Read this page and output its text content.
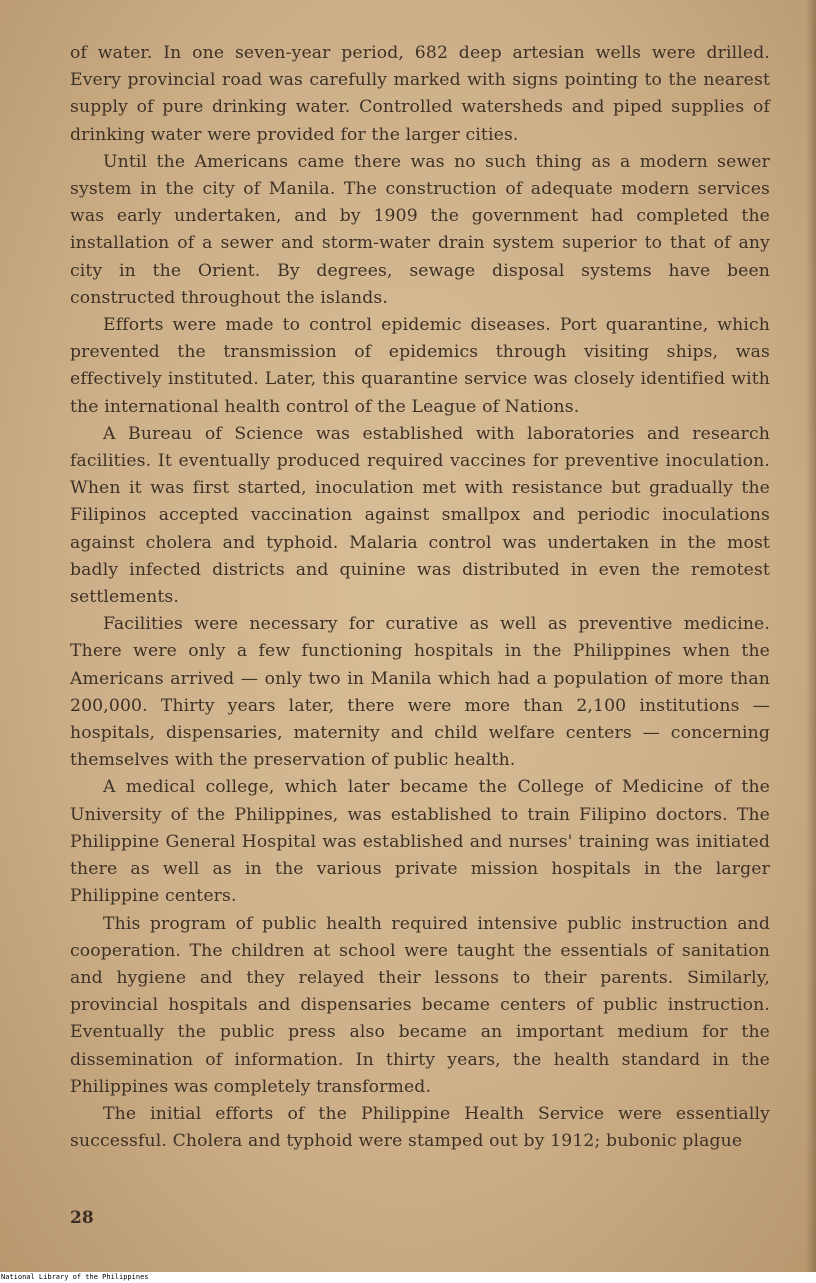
of water. In one seven-year period, 682 deep artesian wells were drilled. Every provincial road was carefully marked with signs pointing to the nearest supply of pure drinking water. Controlled watersheds and piped supplies of drinking water were provided for the larger cities.

Until the Americans came there was no such thing as a modern sewer system in the city of Manila. The construction of adequate modern services was early undertaken, and by 1909 the government had completed the installation of a sewer and storm-water drain system superior to that of any city in the Orient. By degrees, sewage disposal systems have been constructed throughout the islands.

Efforts were made to control epidemic diseases. Port quarantine, which prevented the transmission of epidemics through visiting ships, was effectively instituted. Later, this quarantine service was closely identified with the international health control of the League of Nations.

A Bureau of Science was established with laboratories and research facilities. It eventually produced required vaccines for preventive inoculation. When it was first started, inoculation met with resistance but gradually the Filipinos accepted vaccination against smallpox and periodic inoculations against cholera and typhoid. Malaria control was undertaken in the most badly infected districts and quinine was distributed in even the remotest settlements.

Facilities were necessary for curative as well as preventive medicine. There were only a few functioning hospitals in the Philippines when the Americans arrived — only two in Manila which had a population of more than 200,000. Thirty years later, there were more than 2,100 institutions — hospitals, dispensaries, maternity and child welfare centers — concerning themselves with the preservation of public health.

A medical college, which later became the College of Medicine of the University of the Philippines, was established to train Filipino doctors. The Philippine General Hospital was established and nurses' training was initiated there as well as in the various private mission hospitals in the larger Philippine centers.

This program of public health required intensive public instruction and cooperation. The children at school were taught the essentials of sanitation and hygiene and they relayed their lessons to their parents. Similarly, provincial hospitals and dispensaries became centers of public instruction. Eventually the public press also became an important medium for the dissemination of information. In thirty years, the health standard in the Philippines was completely transformed.

The initial efforts of the Philippine Health Service were essentially successful. Cholera and typhoid were stamped out by 1912; bubonic plague

28
National Library of the Philippines
